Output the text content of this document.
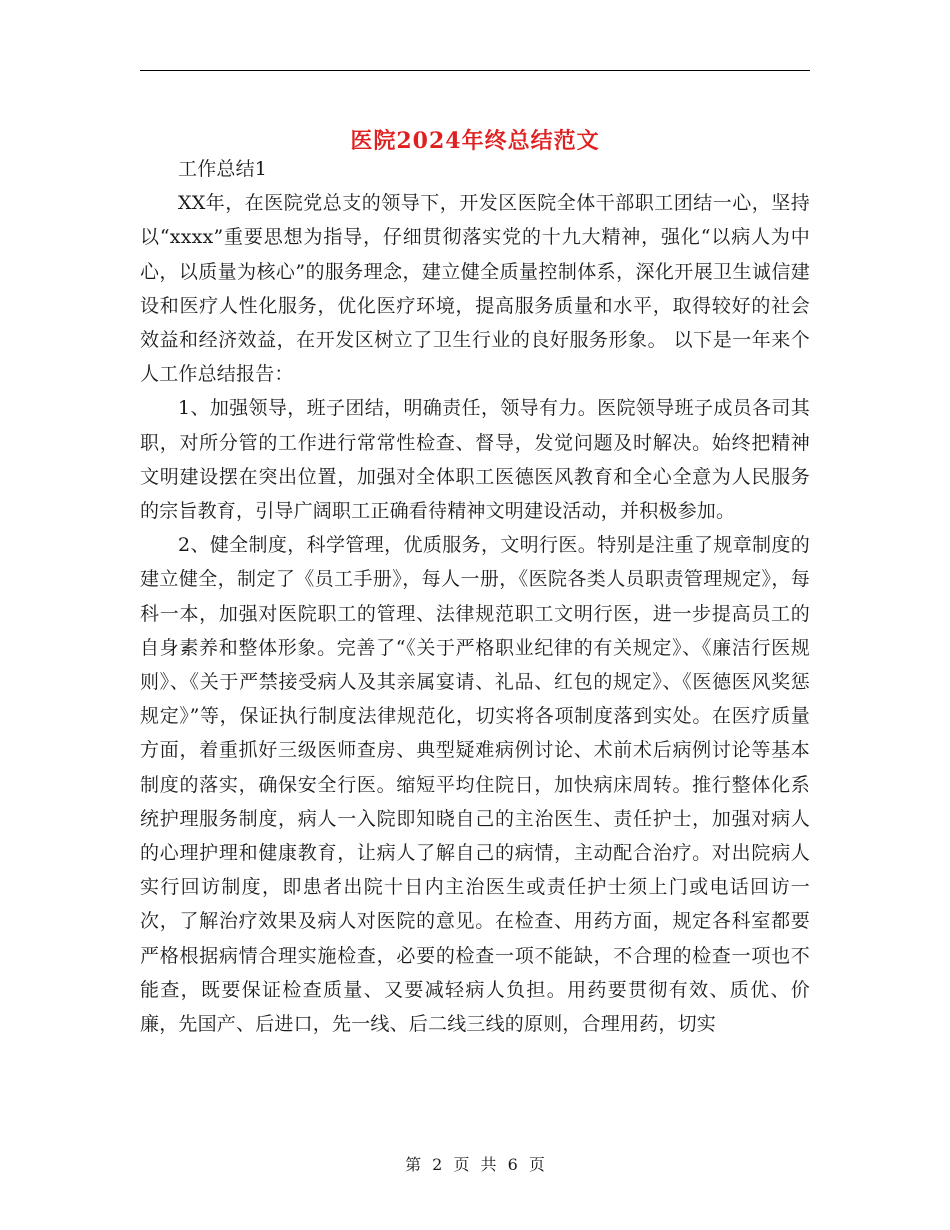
医院2024年终总结范文

工作总结1

XX年，在医院党总支的领导下，开发区医院全体干部职工团结一心，坚持以“xxxx”重要思想为指导，仔细贯彻落实党的十九大精神，强化“以病人为中心，以质量为核心”的服务理念，建立健全质量控制体系，深化开展卫生诚信建设和医疗人性化服务，优化医疗环境，提高服务质量和水平，取得较好的社会效益和经济效益，在开发区树立了卫生行业的良好服务形象。 以下是一年来个人工作总结报告：

1、加强领导，班子团结，明确责任，领导有力。医院领导班子成员各司其职，对所分管的工作进行常常性检查、督导，发觉问题及时解决。始终把精神文明建设摆在突出位置，加强对全体职工医德医风教育和全心全意为人民服务的宗旨教育，引导广阔职工正确看待精神文明建设活动，并积极参加。

2、健全制度，科学管理，优质服务，文明行医。特别是注重了规章制度的建立健全，制定了《员工手册》，每人一册，《医院各类人员职责管理规定》，每科一本，加强对医院职工的管理、法律规范职工文明行医，进一步提高员工的自身素养和整体形象。完善了“《关于严格职业纪律的有关规定》、《廉洁行医规则》、《关于严禁接受病人及其亲属宴请、礼品、红包的规定》、《医德医风奖惩规定》”等，保证执行制度法律规范化，切实将各项制度落到实处。在医疗质量方面，着重抓好三级医师查房、典型疑难病例讨论、术前术后病例讨论等基本制度的落实，确保安全行医。缩短平均住院日，加快病床周转。推行整体化系统护理服务制度，病人一入院即知晓自己的主治医生、责任护士，加强对病人的心理护理和健康教育，让病人了解自己的病情，主动配合治疗。对出院病人实行回访制度，即患者出院十日内主治医生或责任护士须上门或电话回访一次，了解治疗效果及病人对医院的意见。在检查、用药方面，规定各科室都要严格根据病情合理实施检查，必要的检查一项不能缺，不合理的检查一项也不能查，既要保证检查质量、又要减轻病人负担。用药要贯彻有效、质优、价廉，先国产、后进口，先一线、后二线三线的原则，合理用药，切实

第 2 页 共 6 页
